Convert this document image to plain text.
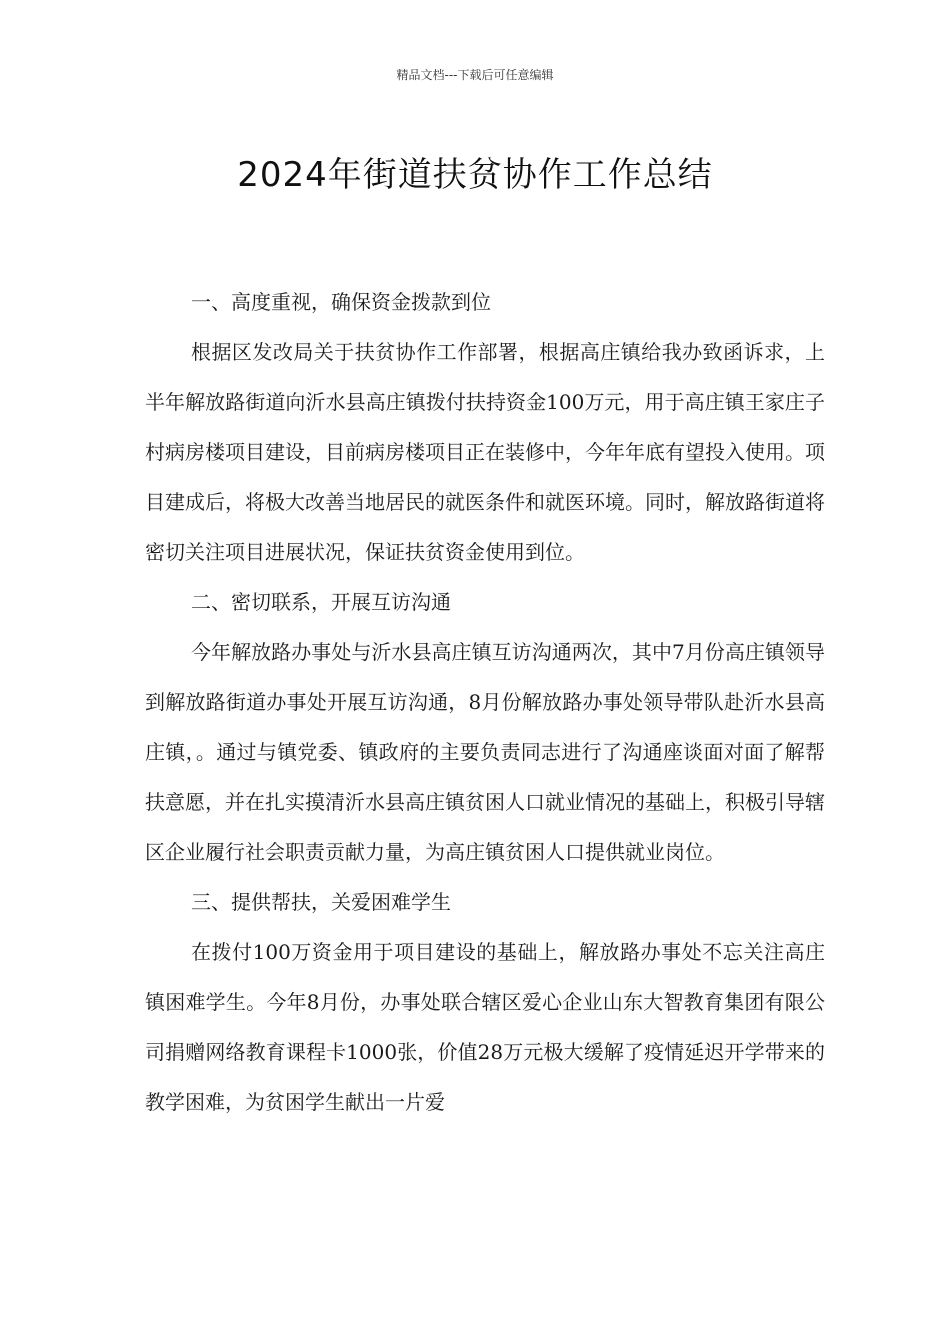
精品文档---下载后可任意编辑
2024年街道扶贫协作工作总结

一、高度重视，确保资金拨款到位

根据区发改局关于扶贫协作工作部署，根据高庄镇给我办致函诉求，上半年解放路街道向沂水县高庄镇拨付扶持资金100万元，用于高庄镇王家庄子村病房楼项目建设，目前病房楼项目正在装修中，今年年底有望投入使用。项目建成后，将极大改善当地居民的就医条件和就医环境。同时，解放路街道将密切关注项目进展状况，保证扶贫资金使用到位。

二、密切联系，开展互访沟通

今年解放路办事处与沂水县高庄镇互访沟通两次，其中7月份高庄镇领导到解放路街道办事处开展互访沟通，8月份解放路办事处领导带队赴沂水县高庄镇，。通过与镇党委、镇政府的主要负责同志进行了沟通座谈面对面了解帮扶意愿，并在扎实摸清沂水县高庄镇贫困人口就业情况的基础上，积极引导辖区企业履行社会职责贡献力量，为高庄镇贫困人口提供就业岗位。

三、提供帮扶，关爱困难学生

在拨付100万资金用于项目建设的基础上，解放路办事处不忘关注高庄镇困难学生。今年8月份，办事处联合辖区爱心企业山东大智教育集团有限公司捐赠网络教育课程卡1000张，价值28万元极大缓解了疫情延迟开学带来的教学困难，为贫困学生献出一片爱
